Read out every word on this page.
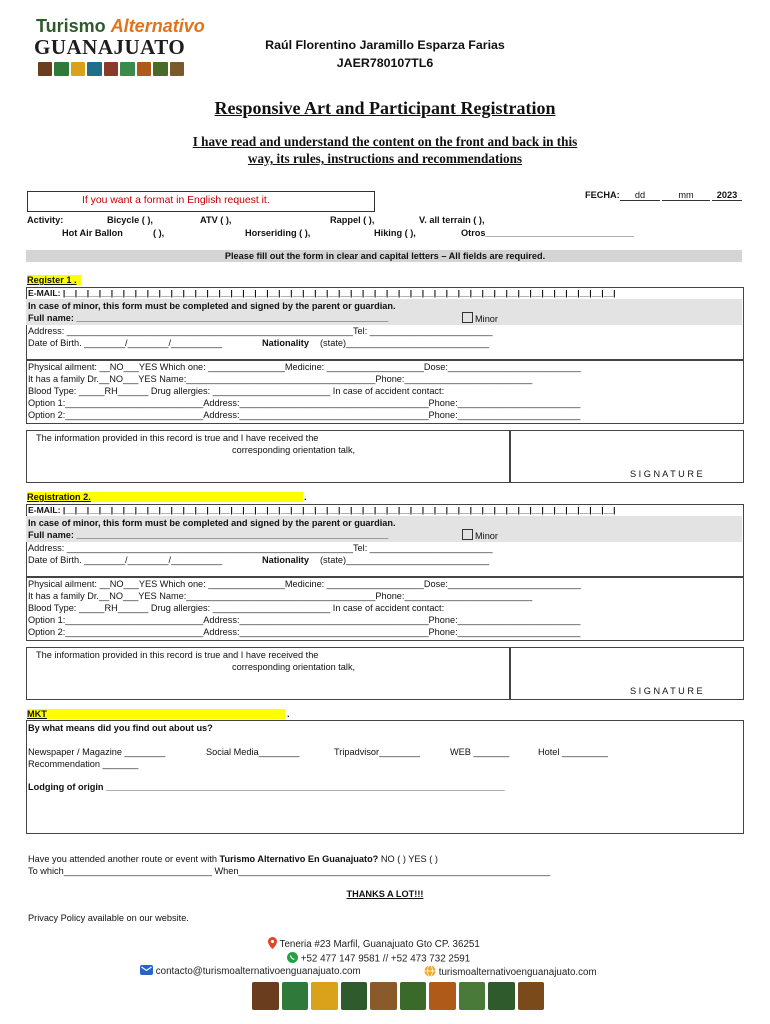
Turismo Alternativo
GUANAJUATO	Raúl Florentino Jaramillo Esparza Farias
JAER780107TL6
Responsive Art and Participant Registration
I have read and understand the content on the front and back in this
way, its rules, instructions and recommendations
If you want a format in English request it.	FECHA:	dd	mm	2023
Activity:	Bicycle ( ),	ATV ( ),	Rappel ( ),	V. all terrain ( ),
Hot Air Ballon	( ),	Horseriding ( ),	Hiking ( ),	Otros_____________________________
Please fill out the form in clear and capital letters – All fields are required.
Register 1 .
E-MAIL: |__|__|__|__|__|__|__|__|__|__|__|__|__|__|__|__|__|__|__|__|__|__|__|__|__|__|__|__|__|__|__|__|__|__|__|__|__|__|__|__|__|__|__|__|__|__|
In case of minor, this form must be completed and signed by the parent or guardian.
Full name: _____________________________________________________________	Minor
Address: ________________________________________________________Tel: ________________________
Date of Birth. ________/________/__________	Nationality (state)____________________________
Physical ailment: __NO___YES Which one: _______________Medicine: ___________________Dose:__________________________
It has a family Dr.__NO___YES Name:_____________________________________Phone:_________________________
Blood Type: _____RH______ Drug allergies: _______________________ In case of accident contact:
Option 1:___________________________Address:_____________________________________Phone:________________________
Option 2:___________________________Address:_____________________________________Phone:________________________
The information provided in this record is true and I have received the
corresponding orientation talk,
S I G N A T U R E
Registration 2.	.
E-MAIL: |__|__|__|__|__|__|__|__|__|__|__|__|__|__|__|__|__|__|__|__|__|__|__|__|__|__|__|__|__|__|__|__|__|__|__|__|__|__|__|__|__|__|__|__|__|__|
In case of minor, this form must be completed and signed by the parent or guardian.
Full name: _____________________________________________________________	Minor
Address: ________________________________________________________Tel: ________________________
Date of Birth. ________/________/__________	Nationality (state)____________________________
Physical ailment: __NO___YES Which one: _______________Medicine: ___________________Dose:__________________________
It has a family Dr.__NO___YES Name:_____________________________________Phone:_________________________
Blood Type: _____RH______ Drug allergies: _______________________ In case of accident contact:
Option 1:___________________________Address:_____________________________________Phone:________________________
Option 2:___________________________Address:_____________________________________Phone:________________________
The information provided in this record is true and I have received the
corresponding orientation talk,
S I G N A T U R E
MKT	.
By what means did you find out about us?
Newspaper / Magazine ________	Social Media________	Tripadvisor________	WEB _______	Hotel _________
Recommendation _______
Lodging of origin ______________________________________________________________________________
Have you attended another route or event with Turismo Alternativo En Guanajuato? NO ( ) YES ( )
To which_____________________________ When_____________________________________________________________
THANKS A LOT!!!
Privacy Policy available on our website.
Teneria #23 Marfil, Guanajuato Gto CP. 36251
+52 477 147 9581 // +52 473 732 2591
contacto@turismoalternativoenguanajuato.com	turismoalternativoenguanajuato.com
